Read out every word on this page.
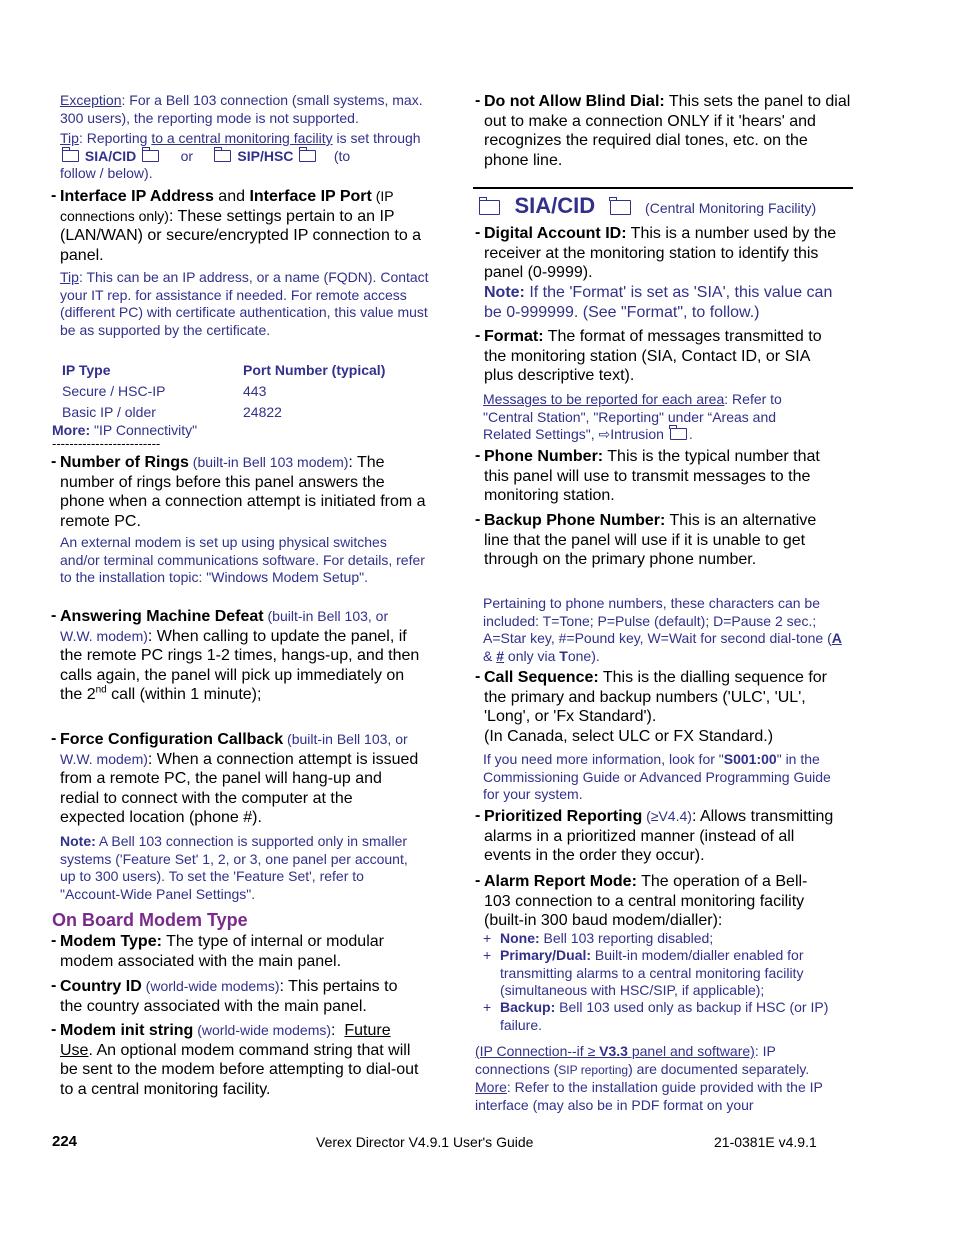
Exception: For a Bell 103 connection (small systems, max. 300 users), the reporting mode is not supported.
Tip: Reporting to a central monitoring facility is set through  SIA/CID	or	SIP/HSC	(to
follow / below).
- Interface IP Address and Interface IP Port (IP connections only): These settings pertain to an IP (LAN/WAN) or secure/encrypted IP connection to a panel.
Tip: This can be an IP address, or a name (FQDN). Contact your IT rep. for assistance if needed. For remote access (different PC) with certificate authentication, this value must be as supported by the certificate.
IP Type	Port Number (typical)
Secure / HSC-IP	443
Basic IP / older	24822
More: "IP Connectivity"
-------------------------
- Number of Rings (built-in Bell 103 modem): The number of rings before this panel answers the phone when a connection attempt is initiated from a remote PC.
An external modem is set up using physical switches and/or terminal communications software. For details, refer to the installation topic: "Windows Modem Setup".
- Answering Machine Defeat (built-in Bell 103, or W.W. modem): When calling to update the panel, if the remote PC rings 1-2 times, hangs-up, and then calls again, the panel will pick up immediately on the 2nd call (within 1 minute);
- Force Configuration Callback (built-in Bell 103, or W.W. modem): When a connection attempt is issued from a remote PC, the panel will hang-up and redial to connect with the computer at the expected location (phone #).
Note: A Bell 103 connection is supported only in smaller systems ('Feature Set' 1, 2, or 3, one panel per account, up to 300 users). To set the 'Feature Set', refer to "Account-Wide Panel Settings".
On Board Modem Type
- Modem Type: The type of internal or modular modem associated with the main panel.
- Country ID (world-wide modems): This pertains to the country associated with the main panel.
- Modem init string (world-wide modems):  Future Use. An optional modem command string that will be sent to the modem before attempting to dial-out to a central monitoring facility.
- Do not Allow Blind Dial: This sets the panel to dial out to make a connection ONLY if it 'hears' and recognizes the required dial tones, etc. on the phone line.
SIA/CID	(Central Monitoring Facility)
- Digital Account ID: This is a number used by the receiver at the monitoring station to identify this panel (0-9999).
Note: If the 'Format' is set as 'SIA', this value can be 0-999999. (See "Format", to follow.)
- Format: The format of messages transmitted to the monitoring station (SIA, Contact ID, or SIA plus descriptive text).
Messages to be reported for each area: Refer to "Central Station", "Reporting" under “Areas and Related Settings", ⇨Intrusion .
- Phone Number: This is the typical number that this panel will use to transmit messages to the monitoring station.
- Backup Phone Number: This is an alternative line that the panel will use if it is unable to get through on the primary phone number.
Pertaining to phone numbers, these characters can be included: T=Tone; P=Pulse (default); D=Pause 2 sec.; A=Star key, #=Pound key, W=Wait for second dial-tone (A & # only via Tone).
- Call Sequence: This is the dialling sequence for the primary and backup numbers ('ULC', 'UL', 'Long', or 'Fx Standard').
(In Canada, select ULC or FX Standard.)
If you need more information, look for "S001:00" in the Commissioning Guide or Advanced Programming Guide for your system.
- Prioritized Reporting (≥V4.4): Allows transmitting alarms in a prioritized manner (instead of all events in the order they occur).
- Alarm Report Mode: The operation of a Bell-103 connection to a central monitoring facility (built-in 300 baud modem/dialler):
+ None: Bell 103 reporting disabled;
+ Primary/Dual: Built-in modem/dialler enabled for transmitting alarms to a central monitoring facility (simultaneous with HSC/SIP, if applicable);
+ Backup: Bell 103 used only as backup if HSC (or IP) failure.
(IP Connection--if ≥ V3.3 panel and software): IP connections (SIP reporting) are documented separately.
More: Refer to the installation guide provided with the IP interface (may also be in PDF format on your
224	Verex Director V4.9.1 User's Guide	21-0381E v4.9.1
